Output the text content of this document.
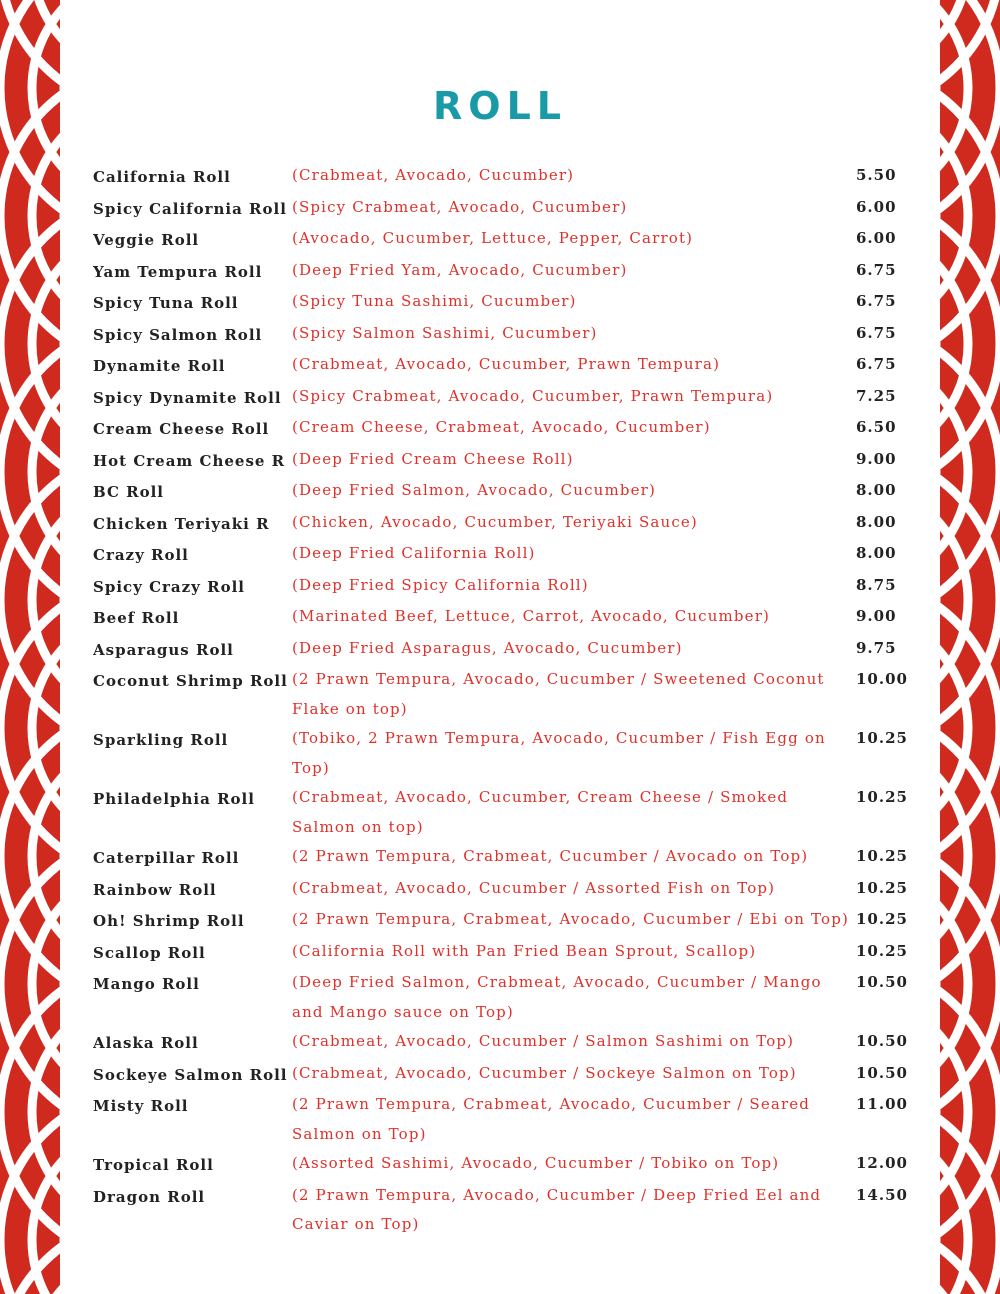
ROLL
California Roll	(Crabmeat, Avocado, Cucumber)	5.50
Spicy California Roll (Spicy Crabmeat, Avocado, Cucumber)	6.00
Veggie Roll	(Avocado, Cucumber, Lettuce, Pepper, Carrot)	6.00
Yam Tempura Roll	(Deep Fried Yam, Avocado, Cucumber)	6.75
Spicy Tuna Roll	(Spicy Tuna Sashimi, Cucumber)	6.75
Spicy Salmon Roll	(Spicy Salmon Sashimi, Cucumber)	6.75
Dynamite Roll	(Crabmeat, Avocado, Cucumber, Prawn Tempura)	6.75
Spicy Dynamite Roll (Spicy Crabmeat, Avocado, Cucumber, Prawn Tempura)	7.25
Cream Cheese Roll	(Cream Cheese, Crabmeat, Avocado, Cucumber)	6.50
Hot Cream Cheese R (Deep Fried Cream Cheese Roll)	9.00
BC Roll	(Deep Fried Salmon, Avocado, Cucumber)	8.00
Chicken Teriyaki R	(Chicken, Avocado, Cucumber, Teriyaki Sauce)	8.00
Crazy Roll	(Deep Fried California Roll)	8.00
Spicy Crazy Roll	(Deep Fried Spicy California Roll)	8.75
Beef Roll	(Marinated Beef, Lettuce, Carrot, Avocado, Cucumber)	9.00
Asparagus Roll	(Deep Fried Asparagus, Avocado, Cucumber)	9.75
Coconut Shrimp Roll (2 Prawn Tempura, Avocado, Cucumber / Sweetened Coconut Flake on top)
10.00
Sparkling Roll	(Tobiko, 2 Prawn Tempura, Avocado, Cucumber / Fish Egg on Top)
10.25
Philadelphia Roll	(Crabmeat, Avocado, Cucumber, Cream Cheese / Smoked Salmon on top)
10.25
Caterpillar Roll	(2 Prawn Tempura, Crabmeat, Cucumber / Avocado on Top)	10.25
Rainbow Roll	(Crabmeat, Avocado, Cucumber / Assorted Fish on Top)	10.25
Oh! Shrimp Roll	(2 Prawn Tempura, Crabmeat, Avocado, Cucumber / Ebi on Top) 10.25
Scallop Roll	(California Roll with Pan Fried Bean Sprout, Scallop)	10.25
Mango Roll	(Deep Fried Salmon, Crabmeat, Avocado, Cucumber / Mango and Mango sauce on Top)
10.50
Alaska Roll	(Crabmeat, Avocado, Cucumber / Salmon Sashimi on Top)	10.50
Sockeye Salmon Roll (Crabmeat, Avocado, Cucumber / Sockeye Salmon on Top)	10.50
Misty Roll	(2 Prawn Tempura, Crabmeat, Avocado, Cucumber / Seared Salmon on Top)
11.00
Tropical Roll	(Assorted Sashimi, Avocado, Cucumber / Tobiko on Top)	12.00
Dragon Roll	(2 Prawn Tempura, Avocado, Cucumber / Deep Fried Eel and Caviar on Top)
14.50
